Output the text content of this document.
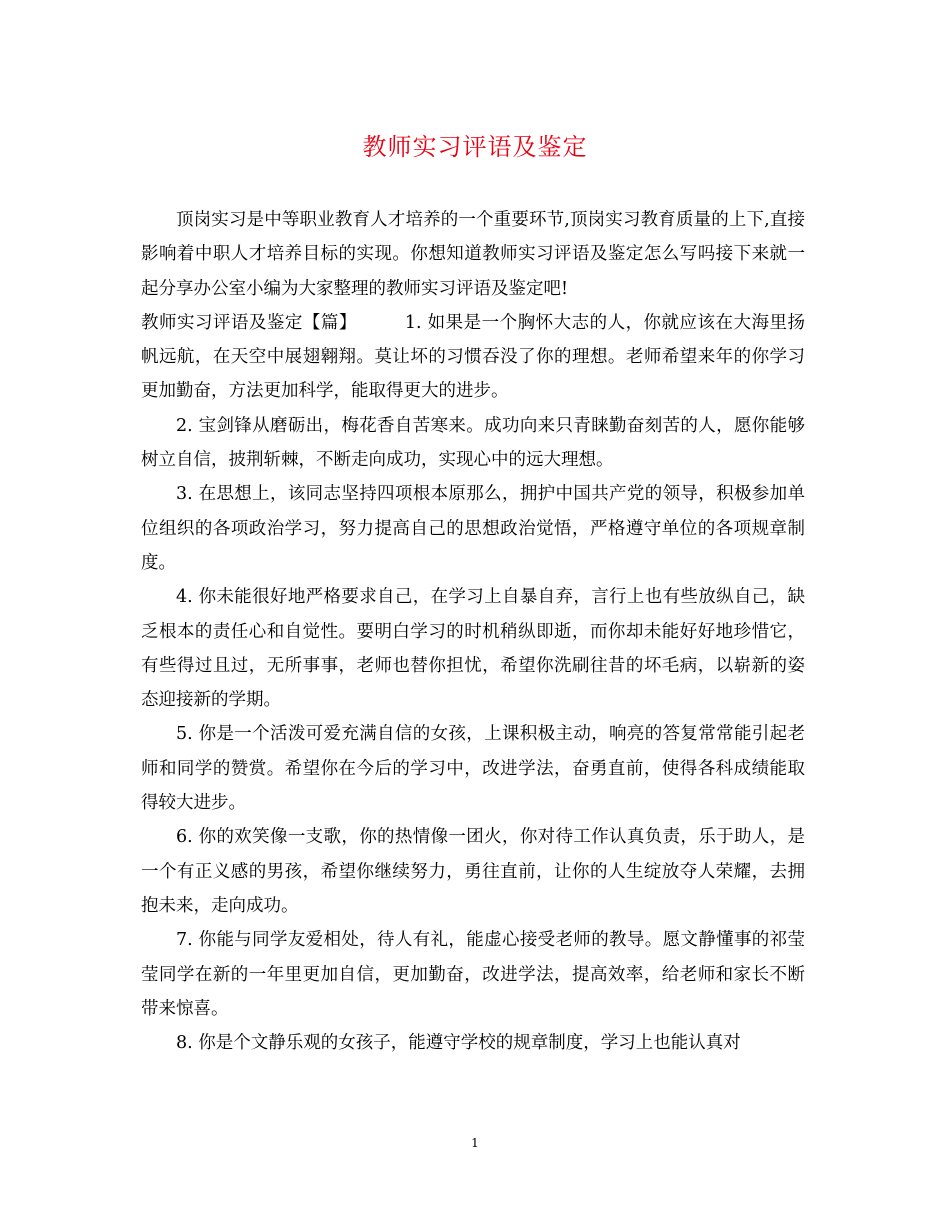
教师实习评语及鉴定

顶岗实习是中等职业教育人才培养的一个重要环节,顶岗实习教育质量的上下,直接影响着中职人才培养目标的实现。你想知道教师实习评语及鉴定怎么写吗接下来就一起分享办公室小编为大家整理的教师实习评语及鉴定吧!

教师实习评语及鉴定【篇】	1. 如果是一个胸怀大志的人，你就应该在大海里扬帆远航，在天空中展翅翱翔。莫让坏的习惯吞没了你的理想。老师希望来年的你学习更加勤奋，方法更加科学，能取得更大的进步。

2. 宝剑锋从磨砺出，梅花香自苦寒来。成功向来只青睐勤奋刻苦的人，愿你能够树立自信，披荆斩棘，不断走向成功，实现心中的远大理想。

3. 在思想上，该同志坚持四项根本原那么，拥护中国共产党的领导，积极参加单位组织的各项政治学习，努力提高自己的思想政治觉悟，严格遵守单位的各项规章制度。

4. 你未能很好地严格要求自己，在学习上自暴自弃，言行上也有些放纵自己，缺乏根本的责任心和自觉性。要明白学习的时机稍纵即逝，而你却未能好好地珍惜它，有些得过且过，无所事事，老师也替你担忧，希望你洗刷往昔的坏毛病，以崭新的姿态迎接新的学期。

5. 你是一个活泼可爱充满自信的女孩，上课积极主动，响亮的答复常常能引起老师和同学的赞赏。希望你在今后的学习中，改进学法，奋勇直前，使得各科成绩能取得较大进步。

6. 你的欢笑像一支歌，你的热情像一团火，你对待工作认真负责，乐于助人，是一个有正义感的男孩，希望你继续努力，勇往直前，让你的人生绽放夺人荣耀，去拥抱未来，走向成功。

7. 你能与同学友爱相处，待人有礼，能虚心接受老师的教导。愿文静懂事的祁莹莹同学在新的一年里更加自信，更加勤奋，改进学法，提高效率，给老师和家长不断带来惊喜。

8. 你是个文静乐观的女孩子，能遵守学校的规章制度，学习上也能认真对

1
